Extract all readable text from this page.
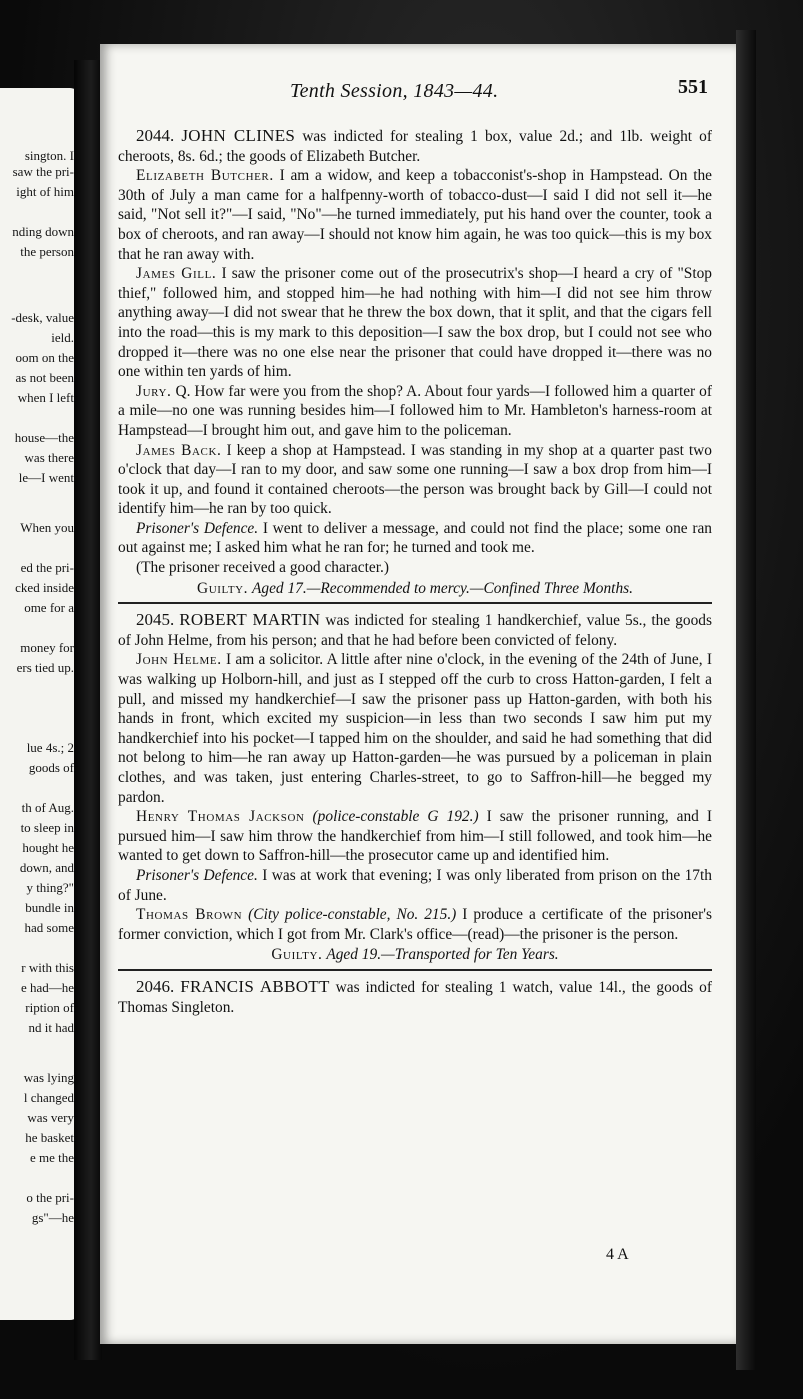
sington. I
saw the pri-
ight of him
nding down
the person
-desk, value
ield.
oom on the
as not been
when I left
house—the
was there
le—I went
When you
ed the pri-
cked inside
ome for a
money for
ers tied up.
lue 4s.; 2
goods of
th of Aug.
to sleep in
hought he
down, and
y thing?"
bundle in
had some
r with this
e had—he
ription of
nd it had
was lying
l changed
was very
he basket
e me the
o the pri-
gs"—he
Tenth Session, 1843—44.	551

2044. JOHN CLINES was indicted for stealing 1 box, value 2d.; and 1lb. weight of cheroots, 8s. 6d.; the goods of Elizabeth Butcher.

Elizabeth Butcher. I am a widow, and keep a tobacconist's-shop in Hampstead. On the 30th of July a man came for a halfpenny-worth of tobacco-dust—I said I did not sell it—he said, "Not sell it?"—I said, "No"—he turned immediately, put his hand over the counter, took a box of cheroots, and ran away—I should not know him again, he was too quick—this is my box that he ran away with.

James Gill. I saw the prisoner come out of the prosecutrix's shop—I heard a cry of "Stop thief," followed him, and stopped him—he had nothing with him—I did not see him throw anything away—I did not swear that he threw the box down, that it split, and that the cigars fell into the road—this is my mark to this deposition—I saw the box drop, but I could not see who dropped it—there was no one else near the prisoner that could have dropped it—there was no one within ten yards of him.

Jury. Q. How far were you from the shop? A. About four yards—I followed him a quarter of a mile—no one was running besides him—I followed him to Mr. Hambleton's harness-room at Hampstead—I brought him out, and gave him to the policeman.

James Back. I keep a shop at Hampstead. I was standing in my shop at a quarter past two o'clock that day—I ran to my door, and saw some one running—I saw a box drop from him—I took it up, and found it contained cheroots—the person was brought back by Gill—I could not identify him—he ran by too quick.

Prisoner's Defence. I went to deliver a message, and could not find the place; some one ran out against me; I asked him what he ran for; he turned and took me.

(The prisoner received a good character.)

Guilty. Aged 17.—Recommended to mercy.—Confined Three Months.

2045. ROBERT MARTIN was indicted for stealing 1 handkerchief, value 5s., the goods of John Helme, from his person; and that he had before been convicted of felony.

John Helme. I am a solicitor. A little after nine o'clock, in the evening of the 24th of June, I was walking up Holborn-hill, and just as I stepped off the curb to cross Hatton-garden, I felt a pull, and missed my handkerchief—I saw the prisoner pass up Hatton-garden, with both his hands in front, which excited my suspicion—in less than two seconds I saw him put my handkerchief into his pocket—I tapped him on the shoulder, and said he had something that did not belong to him—he ran away up Hatton-garden—he was pursued by a policeman in plain clothes, and was taken, just entering Charles-street, to go to Saffron-hill—he begged my pardon.

Henry Thomas Jackson (police-constable G 192.) I saw the prisoner running, and I pursued him—I saw him throw the handkerchief from him—I still followed, and took him—he wanted to get down to Saffron-hill—the prosecutor came up and identified him.

Prisoner's Defence. I was at work that evening; I was only liberated from prison on the 17th of June.

Thomas Brown (City police-constable, No. 215.) I produce a certificate of the prisoner's former conviction, which I got from Mr. Clark's office—(read)—the prisoner is the person.

Guilty. Aged 19.—Transported for Ten Years.

2046. FRANCIS ABBOTT was indicted for stealing 1 watch, value 14l., the goods of Thomas Singleton.

4 A
